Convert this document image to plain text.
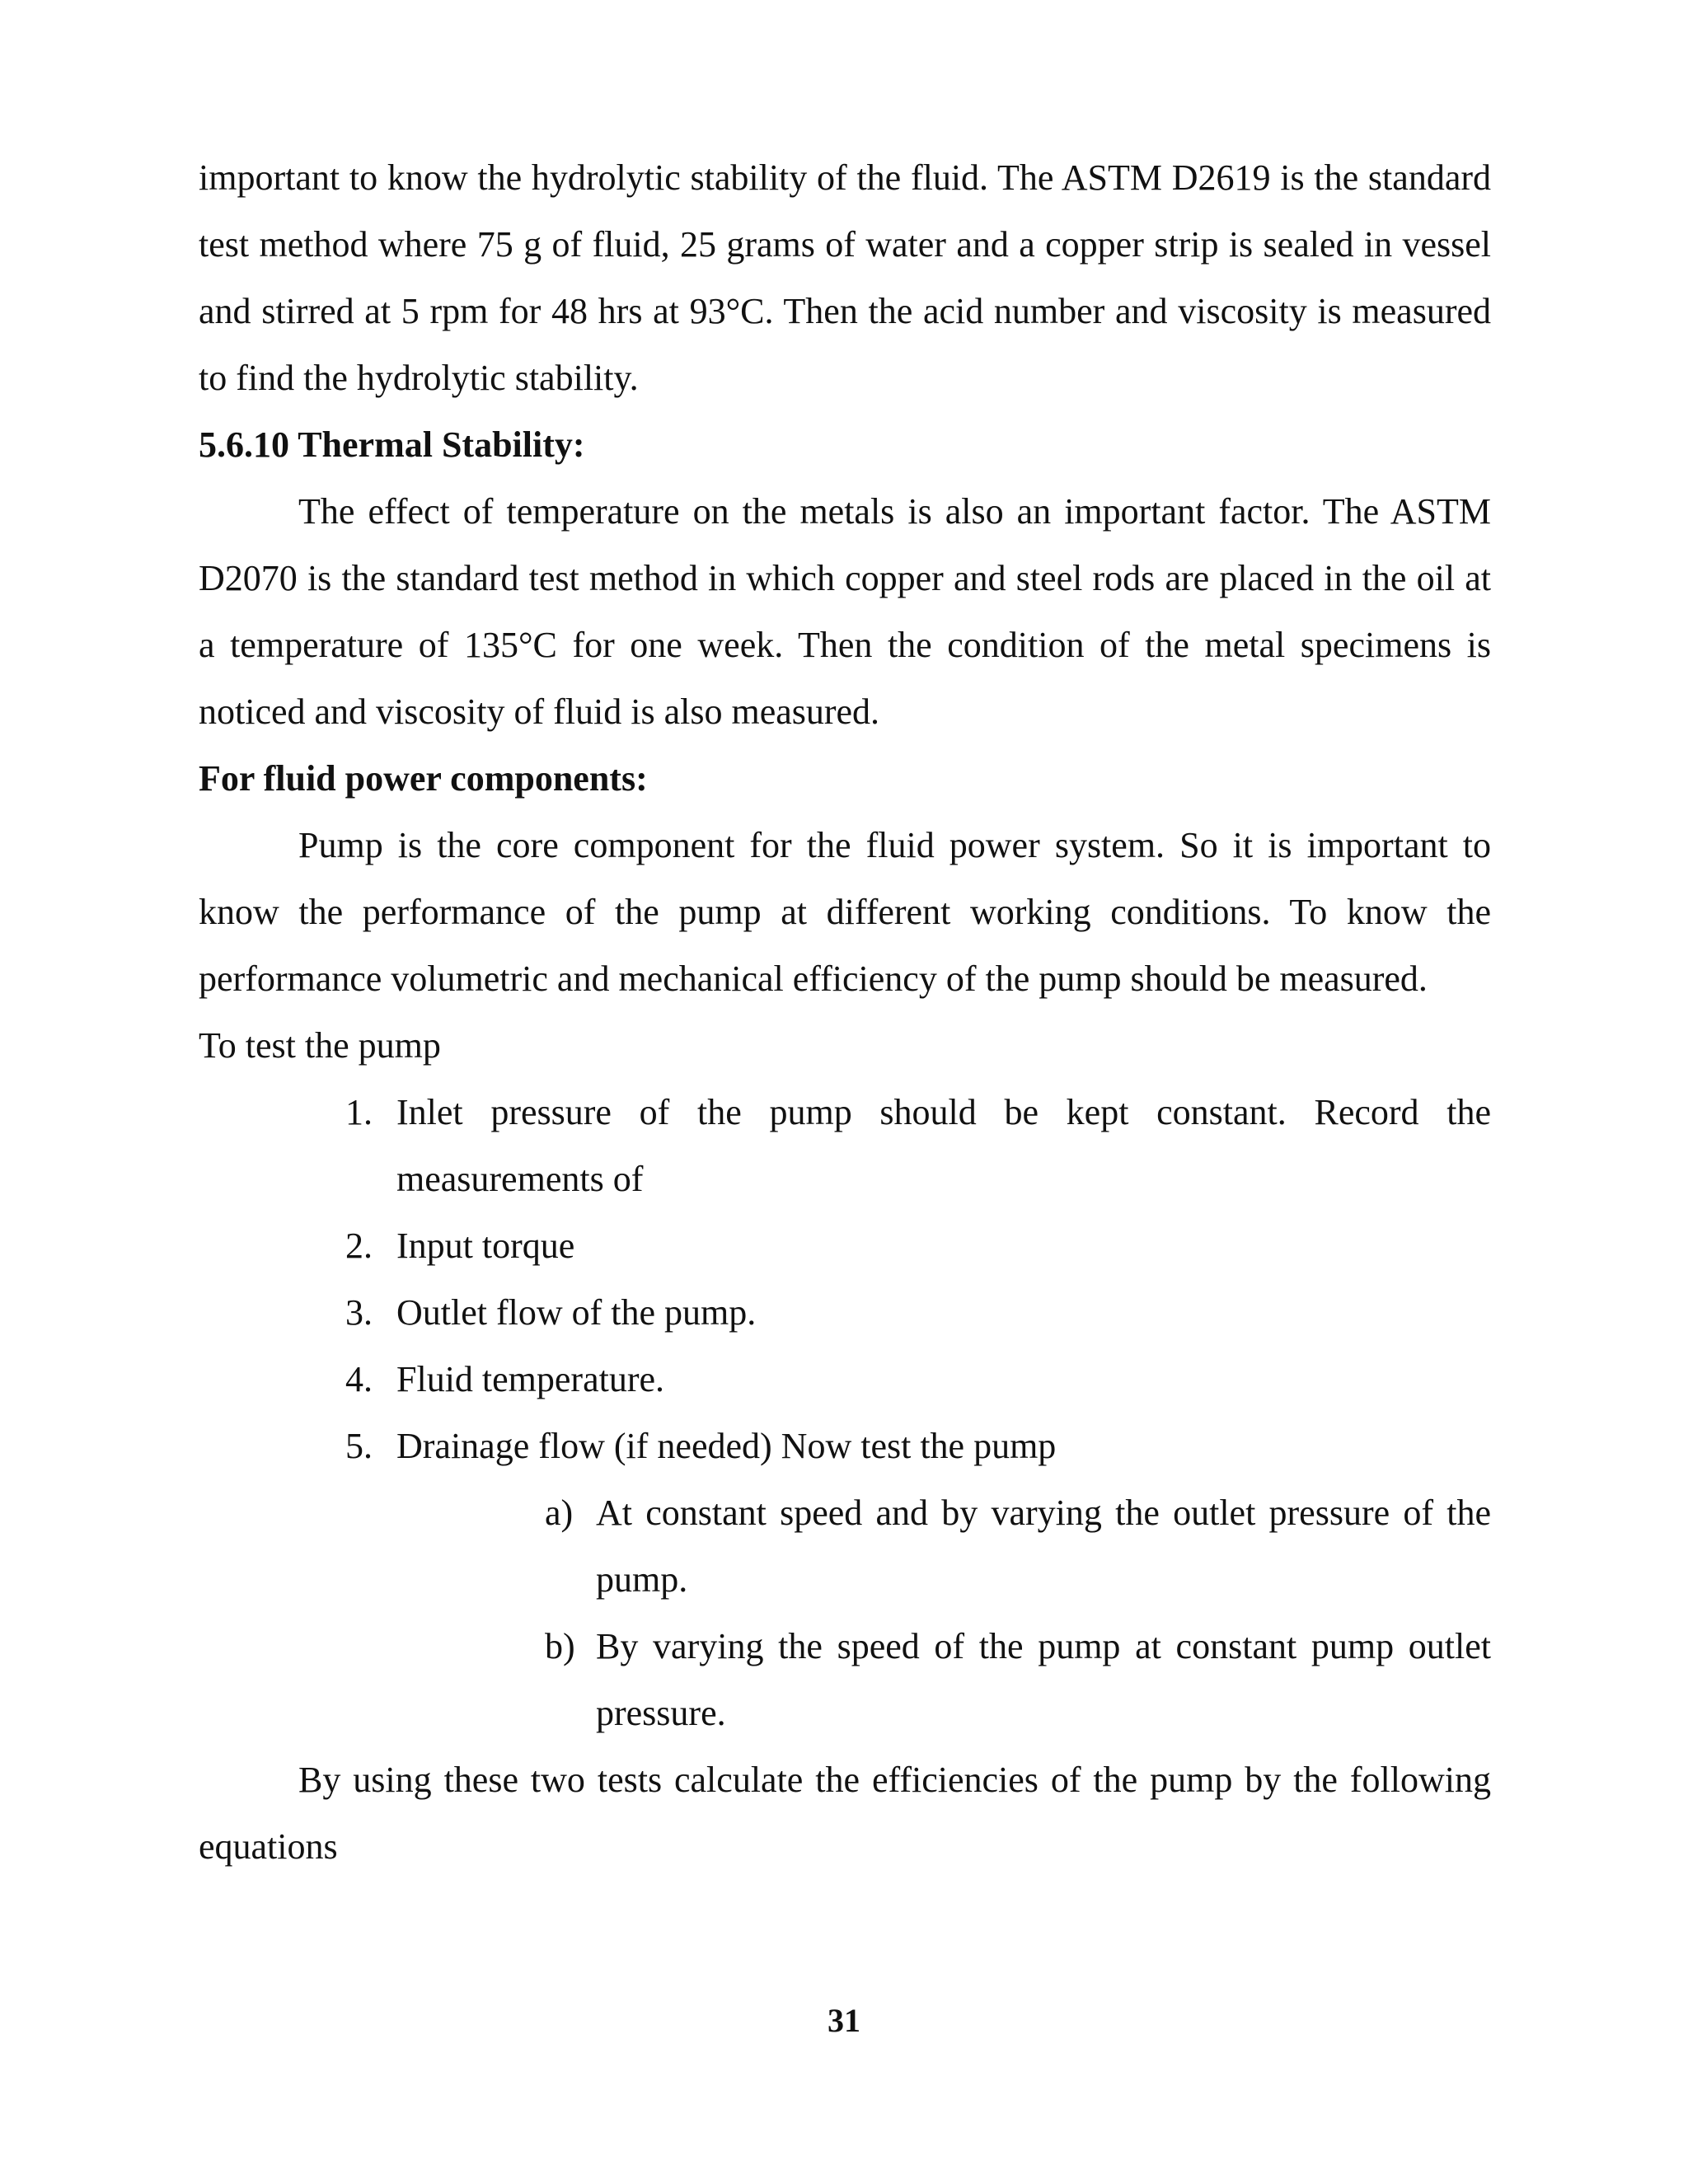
important to know the hydrolytic stability of the fluid. The ASTM D2619 is the standard test method where 75 g of fluid, 25 grams of water and a copper strip is sealed in vessel and stirred at 5 rpm for 48 hrs at 93°C. Then the acid number and viscosity is measured to find the hydrolytic stability.

5.6.10 Thermal Stability:

The effect of temperature on the metals is also an important factor. The ASTM D2070 is the standard test method in which copper and steel rods are placed in the oil at a temperature of 135°C for one week. Then the condition of the metal specimens is noticed and viscosity of fluid is also measured.

For fluid power components:

Pump is the core component for the fluid power system. So it is important to know the performance of the pump at different working conditions. To know the performance volumetric and mechanical efficiency of the pump should be measured.

To test the pump

1. Inlet pressure of the pump should be kept constant. Record the measurements of
2. Input torque
3. Outlet flow of the pump.
4. Fluid temperature.
5. Drainage flow (if needed) Now test the pump
a) At constant speed and by varying the outlet pressure of the pump.
b) By varying the speed of the pump at constant pump outlet pressure.

By using these two tests calculate the efficiencies of the pump by the following equations

31
